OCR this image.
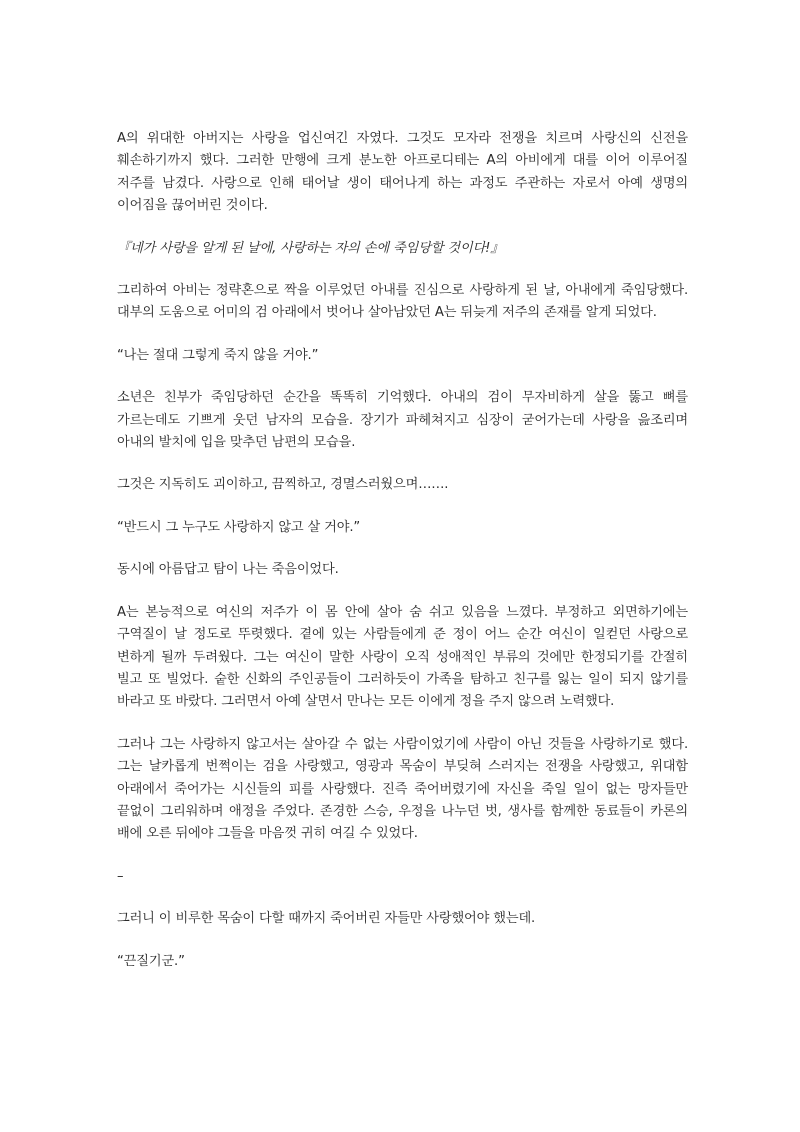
A의 위대한 아버지는 사랑을 업신여긴 자였다. 그것도 모자라 전쟁을 치르며 사랑신의 신전을 훼손하기까지 했다. 그러한 만행에 크게 분노한 아프로디테는 A의 아비에게 대를 이어 이루어질 저주를 남겼다. 사랑으로 인해 태어날 생이 태어나게 하는 과정도 주관하는 자로서 아예 생명의 이어짐을 끊어버린 것이다.

『네가 사랑을 알게 된 날에, 사랑하는 자의 손에 죽임당할 것이다!』

그리하여 아비는 정략혼으로 짝을 이루었던 아내를 진심으로 사랑하게 된 날, 아내에게 죽임당했다. 대부의 도움으로 어미의 검 아래에서 벗어나 살아남았던 A는 뒤늦게 저주의 존재를 알게 되었다.

“나는 절대 그렇게 죽지 않을 거야.”

소년은 친부가 죽임당하던 순간을 똑똑히 기억했다. 아내의 검이 무자비하게 살을 뚫고 뼈를 가르는데도 기쁘게 웃던 남자의 모습을. 장기가 파헤쳐지고 심장이 굳어가는데 사랑을 읊조리며 아내의 발치에 입을 맞추던 남편의 모습을.

그것은 지독히도 괴이하고, 끔찍하고, 경멸스러웠으며…….

“반드시 그 누구도 사랑하지 않고 살 거야.”

동시에 아름답고 탐이 나는 죽음이었다.

A는 본능적으로 여신의 저주가 이 몸 안에 살아 숨 쉬고 있음을 느꼈다. 부정하고 외면하기에는 구역질이 날 정도로 뚜렷했다. 곁에 있는 사람들에게 준 정이 어느 순간 여신이 일컫던 사랑으로 변하게 될까 두려웠다. 그는 여신이 말한 사랑이 오직 성애적인 부류의 것에만 한정되기를 간절히 빌고 또 빌었다. 숱한 신화의 주인공들이 그러하듯이 가족을 탐하고 친구를 잃는 일이 되지 않기를 바라고 또 바랐다. 그러면서 아예 살면서 만나는 모든 이에게 정을 주지 않으려 노력했다.

그러나 그는 사랑하지 않고서는 살아갈 수 없는 사람이었기에 사람이 아닌 것들을 사랑하기로 했다. 그는 날카롭게 번쩍이는 검을 사랑했고, 영광과 목숨이 부딪혀 스러지는 전쟁을 사랑했고, 위대함 아래에서 죽어가는 시신들의 피를 사랑했다. 진즉 죽어버렸기에 자신을 죽일 일이 없는 망자들만 끝없이 그리워하며 애정을 주었다. 존경한 스승, 우정을 나누던 벗, 생사를 함께한 동료들이 카론의 배에 오른 뒤에야 그들을 마음껏 귀히 여길 수 있었다.

–

그러니 이 비루한 목숨이 다할 때까지 죽어버린 자들만 사랑했어야 했는데.

“끈질기군.”
